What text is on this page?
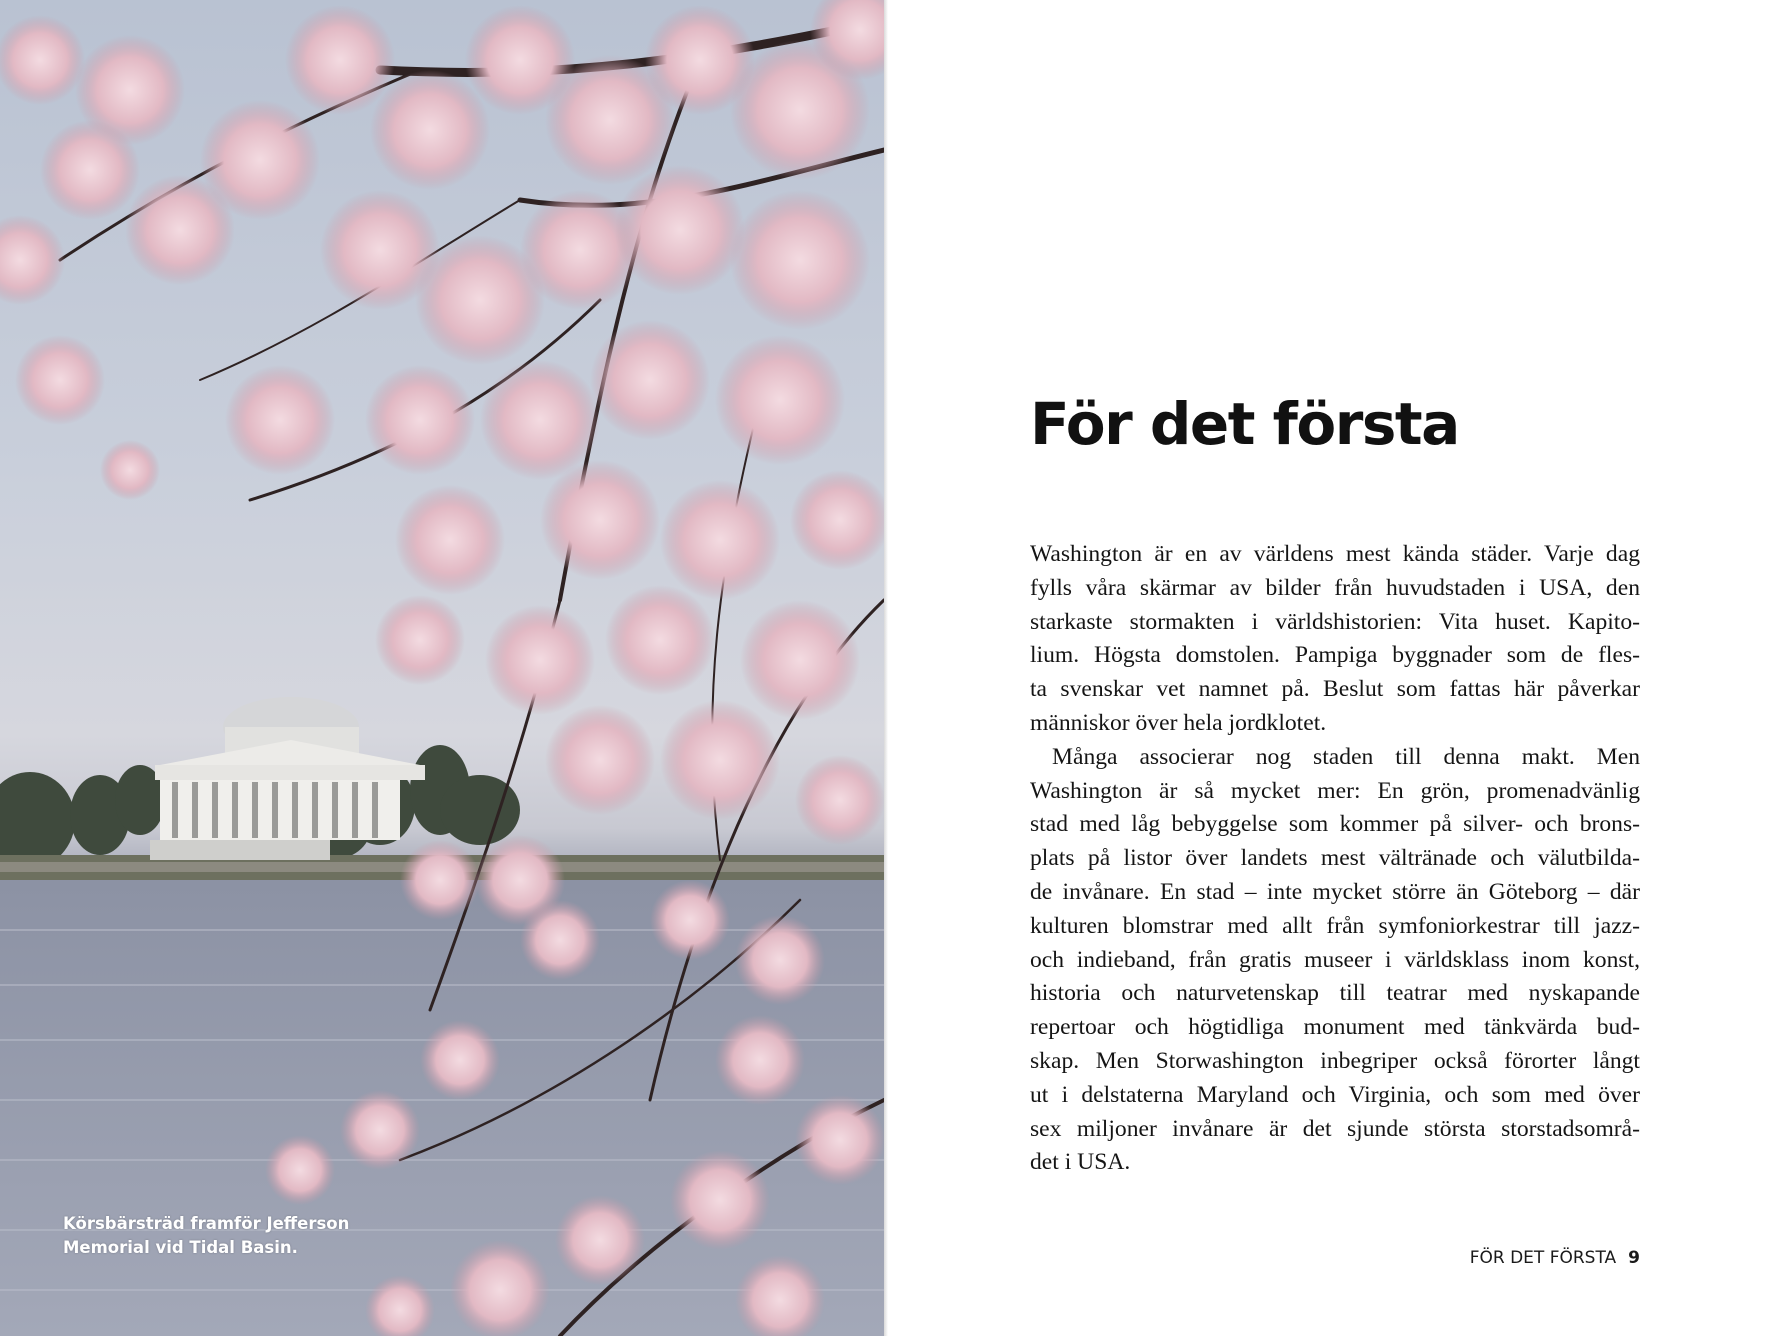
Körsbärsträd framför Jefferson
Memorial vid Tidal Basin.
För det första
Washington är en av världens mest kända städer. Varje dag
fylls våra skärmar av bilder från huvudstaden i USA, den
starkaste stormakten i världshistorien: Vita huset. Kapito-
lium. Högsta domstolen. Pampiga byggnader som de fles-
ta svenskar vet namnet på. Beslut som fattas här påverkar
människor över hela jordklotet.
Många associerar nog staden till denna makt. Men
Washington är så mycket mer: En grön, promenadvänlig
stad med låg bebyggelse som kommer på silver- och brons-
plats på listor över landets mest vältränade och välutbilda-
de invånare. En stad – inte mycket större än Göteborg – där
kulturen blomstrar med allt från symfoniorkestrar till jazz-
och indieband, från gratis museer i världsklass inom konst,
historia och naturvetenskap till teatrar med nyskapande
repertoar och högtidliga monument med tänkvärda bud-
skap. Men Storwashington inbegriper också förorter långt
ut i delstaterna Maryland och Virginia, och som med över
sex miljoner invånare är det sjunde största storstadsområ-
det i USA.
FÖR DET FÖRSTA 9
